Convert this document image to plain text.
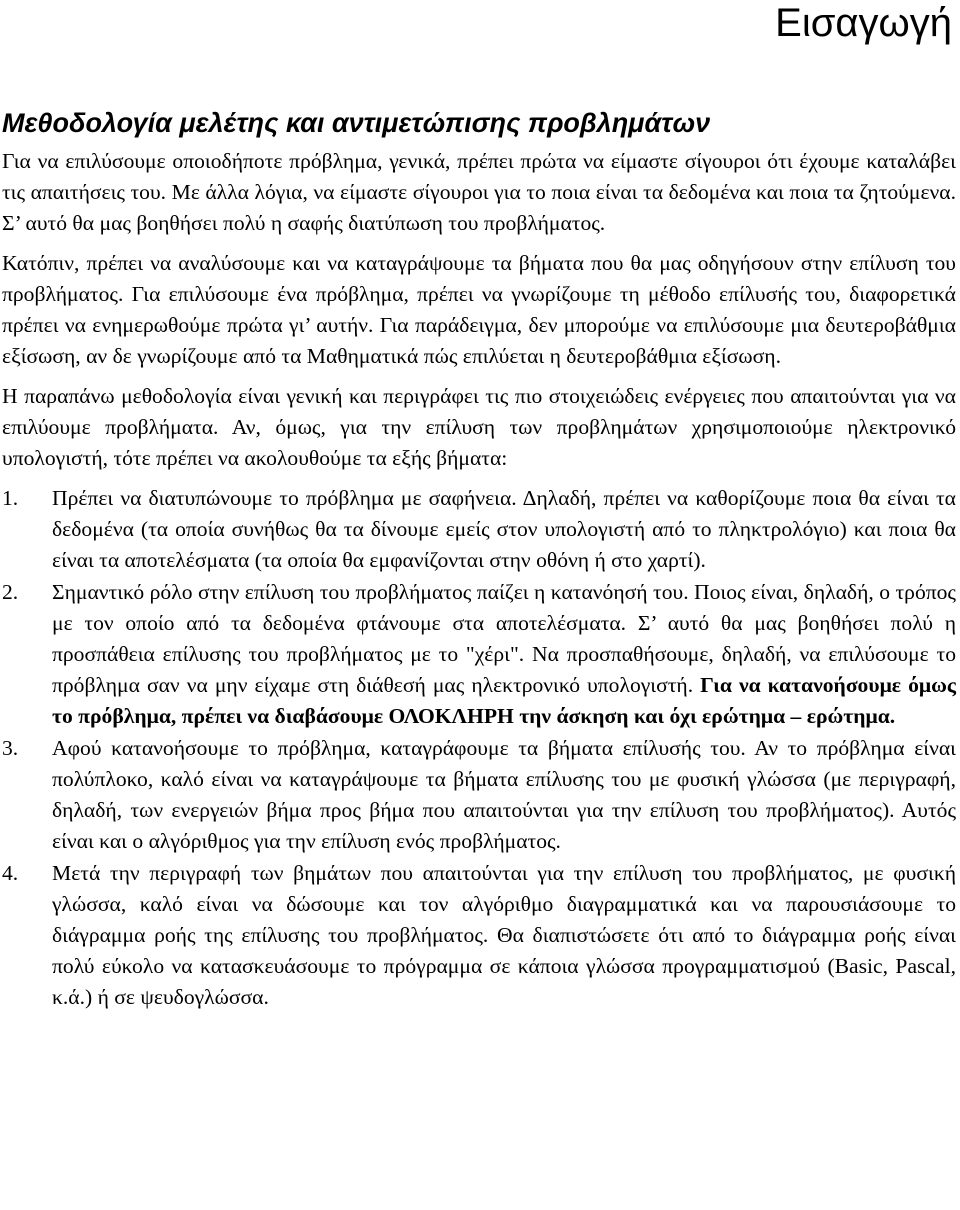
Εισαγωγή
Μεθοδολογία μελέτης και αντιμετώπισης προβλημάτων

Για να επιλύσουμε οποιοδήποτε πρόβλημα, γενικά, πρέπει πρώτα να είμαστε σίγουροι ότι έχουμε καταλάβει τις απαιτήσεις του. Με άλλα λόγια, να είμαστε σίγουροι για το ποια είναι τα δεδομένα και ποια τα ζητούμενα. Σ’ αυτό θα μας βοηθήσει πολύ η σαφής διατύπωση του προβλήματος.

Κατόπιν, πρέπει να αναλύσουμε και να καταγράψουμε τα βήματα που θα μας οδηγήσουν στην επίλυση του προβλήματος. Για επιλύσουμε ένα πρόβλημα, πρέπει να γνωρίζουμε τη μέθοδο επίλυσής του, διαφορετικά πρέπει να ενημερωθούμε πρώτα γι’ αυτήν. Για παράδειγμα, δεν μπορούμε να επιλύσουμε μια δευτεροβάθμια εξίσωση, αν δε γνωρίζουμε από τα Μαθηματικά πώς επιλύεται η δευτεροβάθμια εξίσωση.

Η παραπάνω μεθοδολογία είναι γενική και περιγράφει τις πιο στοιχειώδεις ενέργειες που απαιτούνται για να επιλύουμε προβλήματα. Αν, όμως, για την επίλυση των προβλημάτων χρησιμοποιούμε ηλεκτρονικό υπολογιστή, τότε πρέπει να ακολουθούμε τα εξής βήματα:

1. Πρέπει να διατυπώνουμε το πρόβλημα με σαφήνεια. Δηλαδή, πρέπει να καθορίζουμε ποια θα είναι τα δεδομένα (τα οποία συνήθως θα τα δίνουμε εμείς στον υπολογιστή από το πληκτρολόγιο) και ποια θα είναι τα αποτελέσματα (τα οποία θα εμφανίζονται στην οθόνη ή στο χαρτί).
2. Σημαντικό ρόλο στην επίλυση του προβλήματος παίζει η κατανόησή του. Ποιος είναι, δηλαδή, ο τρόπος με τον οποίο από τα δεδομένα φτάνουμε στα αποτελέσματα. Σ’ αυτό θα μας βοηθήσει πολύ η προσπάθεια επίλυσης του προβλήματος με το "χέρι". Να προσπαθήσουμε, δηλαδή, να επιλύσουμε το πρόβλημα σαν να μην είχαμε στη διάθεσή μας ηλεκτρονικό υπολογιστή. Για να κατανοήσουμε όμως το πρόβλημα, πρέπει να διαβάσουμε ΟΛΟΚΛΗΡΗ την άσκηση και όχι ερώτημα – ερώτημα.
3. Αφού κατανοήσουμε το πρόβλημα, καταγράφουμε τα βήματα επίλυσής του. Αν το πρόβλημα είναι πολύπλοκο, καλό είναι να καταγράψουμε τα βήματα επίλυσης του με φυσική γλώσσα (με περιγραφή, δηλαδή, των ενεργειών βήμα προς βήμα που απαιτούνται για την επίλυση του προβλήματος). Αυτός είναι και ο αλγόριθμος για την επίλυση ενός προβλήματος.
4. Μετά την περιγραφή των βημάτων που απαιτούνται για την επίλυση του προβλήματος, με φυσική γλώσσα, καλό είναι να δώσουμε και τον αλγόριθμο διαγραμματικά και να παρουσιάσουμε το διάγραμμα ροής της επίλυσης του προβλήματος. Θα διαπιστώσετε ότι από το διάγραμμα ροής είναι πολύ εύκολο να κατασκευάσουμε το πρόγραμμα σε κάποια γλώσσα προγραμματισμού (Basic, Pascal, κ.ά.) ή σε ψευδογλώσσα.
